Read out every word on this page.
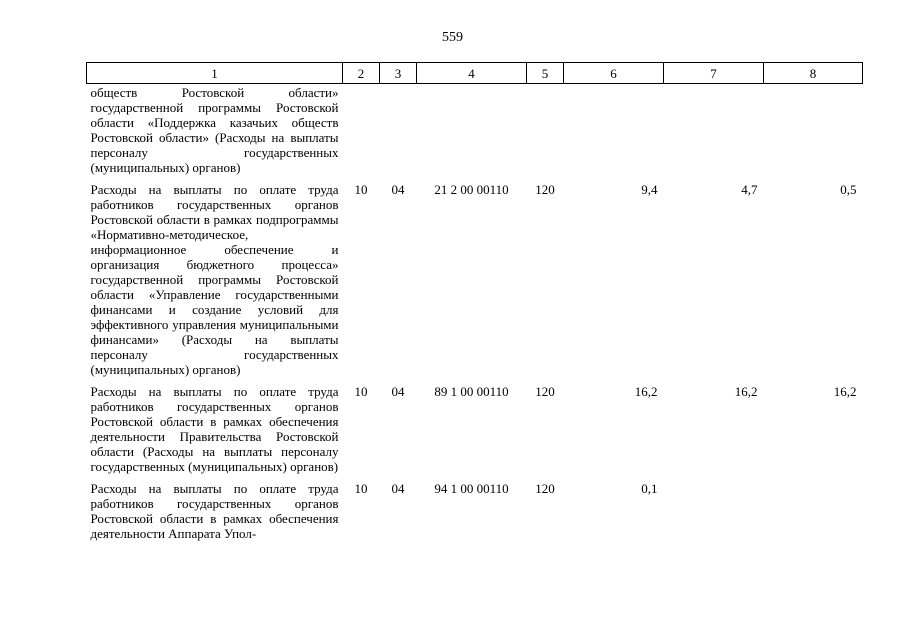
559
1	2	3	4	5	6	7	8
обществ Ростовской области» государственной программы Ростовской области «Поддержка казачьих обществ Ростовской области» (Расходы на выплаты персоналу государственных (муниципальных) органов)							
Расходы на выплаты по оплате труда работников государственных органов Ростовской области в рамках подпрограммы «Нормативно-методическое, информационное обеспечение и организация бюджетного процесса» государственной программы Ростовской области «Управление государственными финансами и создание условий для эффективного управления муниципальными финансами» (Расходы на выплаты персоналу государственных (муниципальных) органов)	10	04	21 2 00 00110	120	9,4	4,7	0,5
Расходы на выплаты по оплате труда работников государственных органов Ростовской области в рамках обеспечения деятельности Правительства Ростовской области (Расходы на выплаты персоналу государственных (муниципальных) органов)	10	04	89 1 00 00110	120	16,2	16,2	16,2
Расходы на выплаты по оплате труда работников государственных органов Ростовской области в рамках обеспечения деятельности Аппарата Упол-	10	04	94 1 00 00110	120	0,1		
